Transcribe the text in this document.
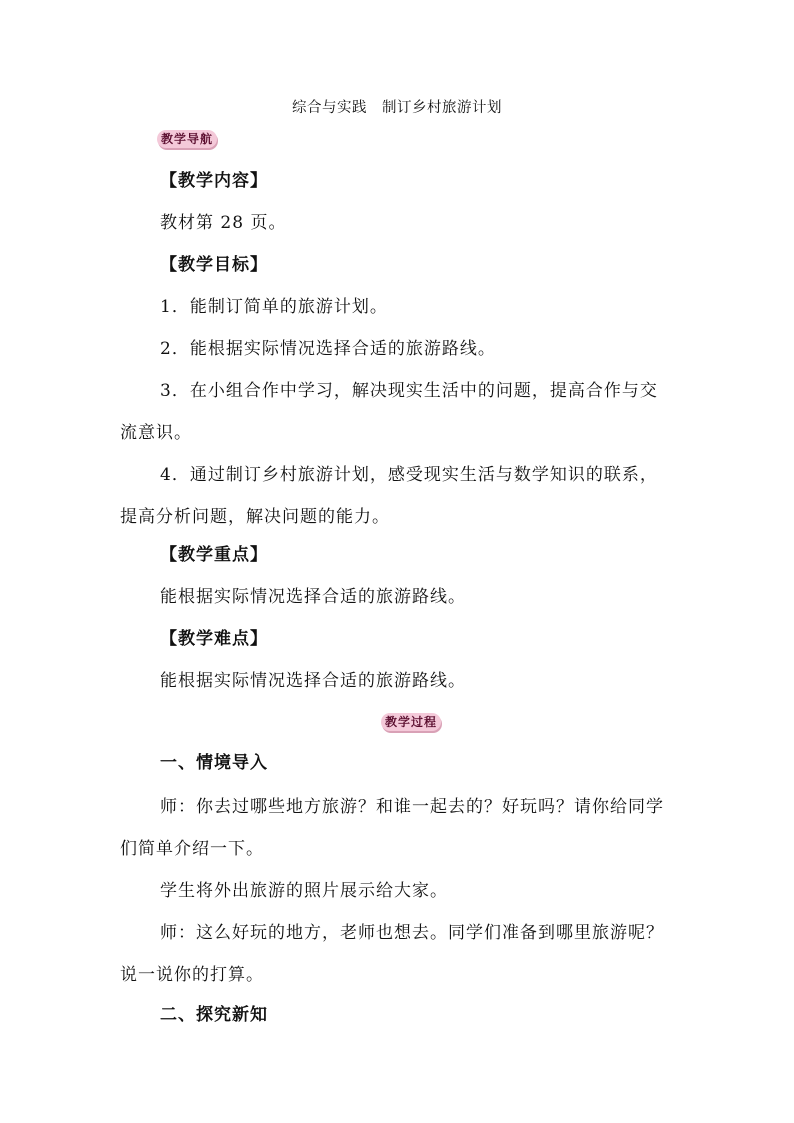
综合与实践　制订乡村旅游计划
教学导航
【教学内容】
教材第 28 页。
【教学目标】
1．能制订简单的旅游计划。
2．能根据实际情况选择合适的旅游路线。
3．在小组合作中学习，解决现实生活中的问题，提高合作与交
流意识。
4．通过制订乡村旅游计划，感受现实生活与数学知识的联系，
提高分析问题，解决问题的能力。
【教学重点】
能根据实际情况选择合适的旅游路线。
【教学难点】
能根据实际情况选择合适的旅游路线。
教学过程
一、情境导入
师：你去过哪些地方旅游？和谁一起去的？好玩吗？请你给同学
们简单介绍一下。
学生将外出旅游的照片展示给大家。
师：这么好玩的地方，老师也想去。同学们准备到哪里旅游呢？
说一说你的打算。
二、探究新知
